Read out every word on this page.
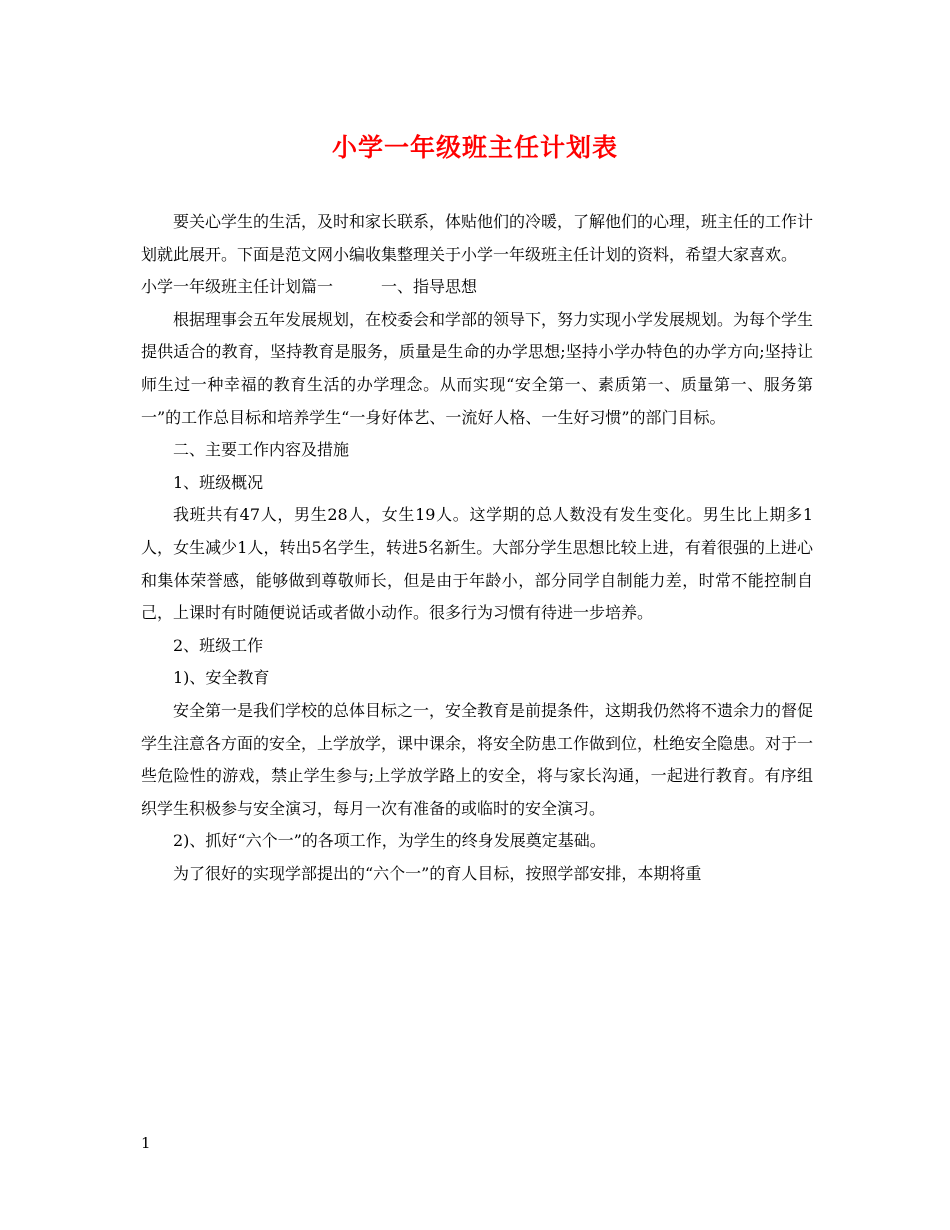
小学一年级班主任计划表

要关心学生的生活，及时和家长联系，体贴他们的冷暖，了解他们的心理，班主任的工作计划就此展开。下面是范文网小编收集整理关于小学一年级班主任计划的资料，希望大家喜欢。

小学一年级班主任计划篇一	一、指导思想

根据理事会五年发展规划，在校委会和学部的领导下，努力实现小学发展规划。为每个学生提供适合的教育，坚持教育是服务，质量是生命的办学思想;坚持小学办特色的办学方向;坚持让师生过一种幸福的教育生活的办学理念。从而实现“安全第一、素质第一、质量第一、服务第一”的工作总目标和培养学生“一身好体艺、一流好人格、一生好习惯”的部门目标。

二、主要工作内容及措施

1、班级概况

我班共有47人，男生28人，女生19人。这学期的总人数没有发生变化。男生比上期多1人，女生减少1人，转出5名学生，转进5名新生。大部分学生思想比较上进，有着很强的上进心和集体荣誉感，能够做到尊敬师长，但是由于年龄小，部分同学自制能力差，时常不能控制自己，上课时有时随便说话或者做小动作。很多行为习惯有待进一步培养。

2、班级工作

1)、安全教育

安全第一是我们学校的总体目标之一，安全教育是前提条件，这期我仍然将不遗余力的督促学生注意各方面的安全，上学放学，课中课余，将安全防患工作做到位，杜绝安全隐患。对于一些危险性的游戏，禁止学生参与;上学放学路上的安全，将与家长沟通，一起进行教育。有序组织学生积极参与安全演习，每月一次有准备的或临时的安全演习。

2)、抓好“六个一”的各项工作，为学生的终身发展奠定基础。

为了很好的实现学部提出的“六个一”的育人目标，按照学部安排，本期将重

1
